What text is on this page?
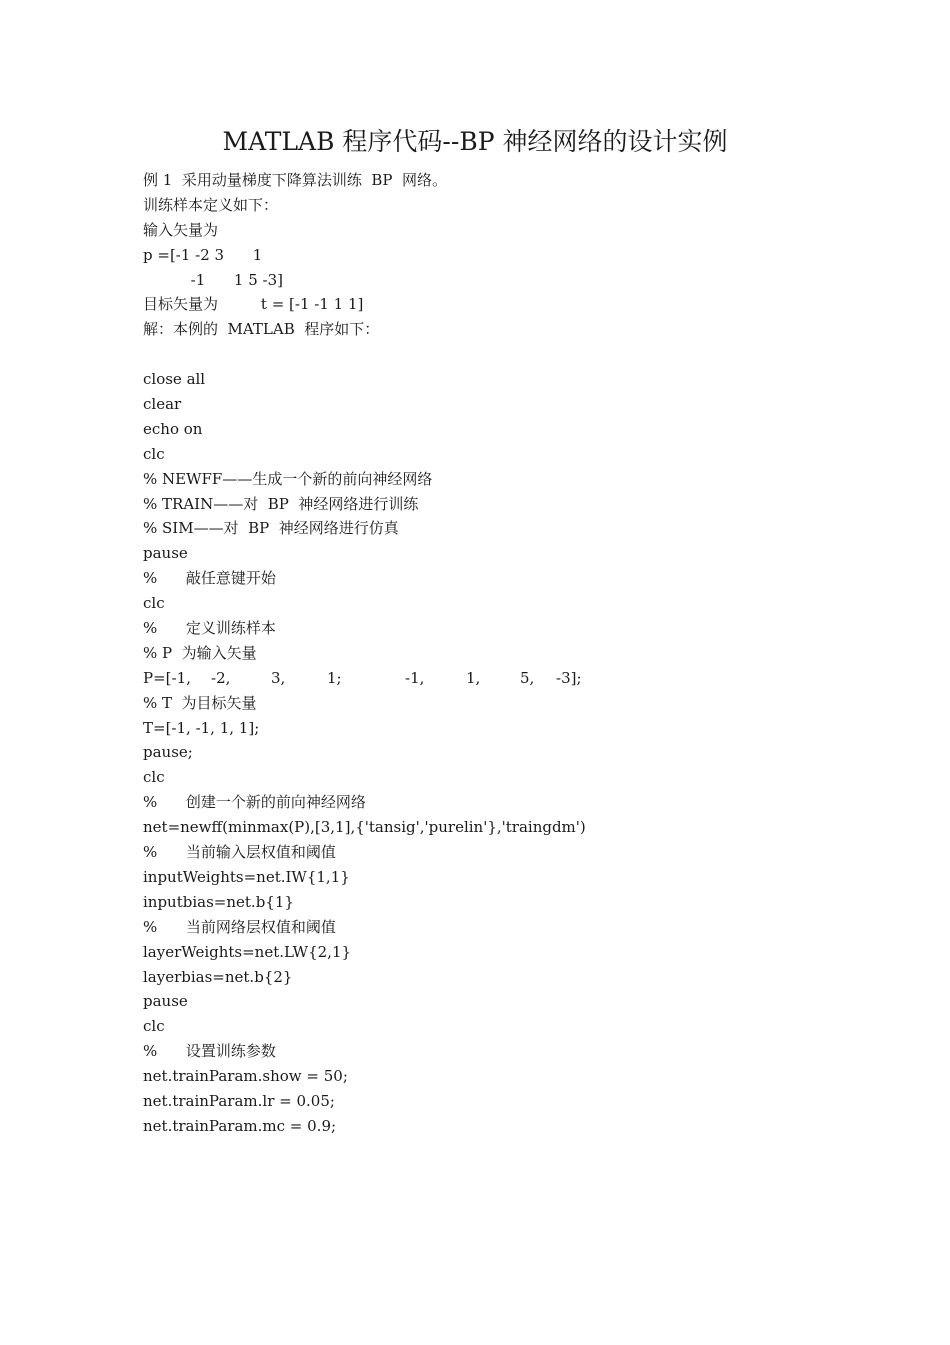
MATLAB 程序代码--BP 神经网络的设计实例
例 1  采用动量梯度下降算法训练  BP  网络。
训练样本定义如下：
输入矢量为
p =[-1 -2 3      1
-1      1 5 -3]
目标矢量为         t = [-1 -1 1 1]
解：本例的  MATLAB  程序如下：
close all
clear
echo on
clc
% NEWFF——生成一个新的前向神经网络
% TRAIN——对  BP  神经网络进行训练
% SIM——对  BP  神经网络进行仿真
pause
%      敲任意键开始
clc
%      定义训练样本
% P  为输入矢量
P=[-1, -2,	3,	1;	-1,	1,	5, -3];
% T  为目标矢量
T=[-1, -1, 1, 1];
pause;
clc
%      创建一个新的前向神经网络
net=newff(minmax(P),[3,1],{'tansig','purelin'},'traingdm')
%      当前输入层权值和阈值
inputWeights=net.IW{1,1}
inputbias=net.b{1}
%      当前网络层权值和阈值
layerWeights=net.LW{2,1}
layerbias=net.b{2}
pause
clc
%      设置训练参数
net.trainParam.show = 50;
net.trainParam.lr = 0.05;
net.trainParam.mc = 0.9;
